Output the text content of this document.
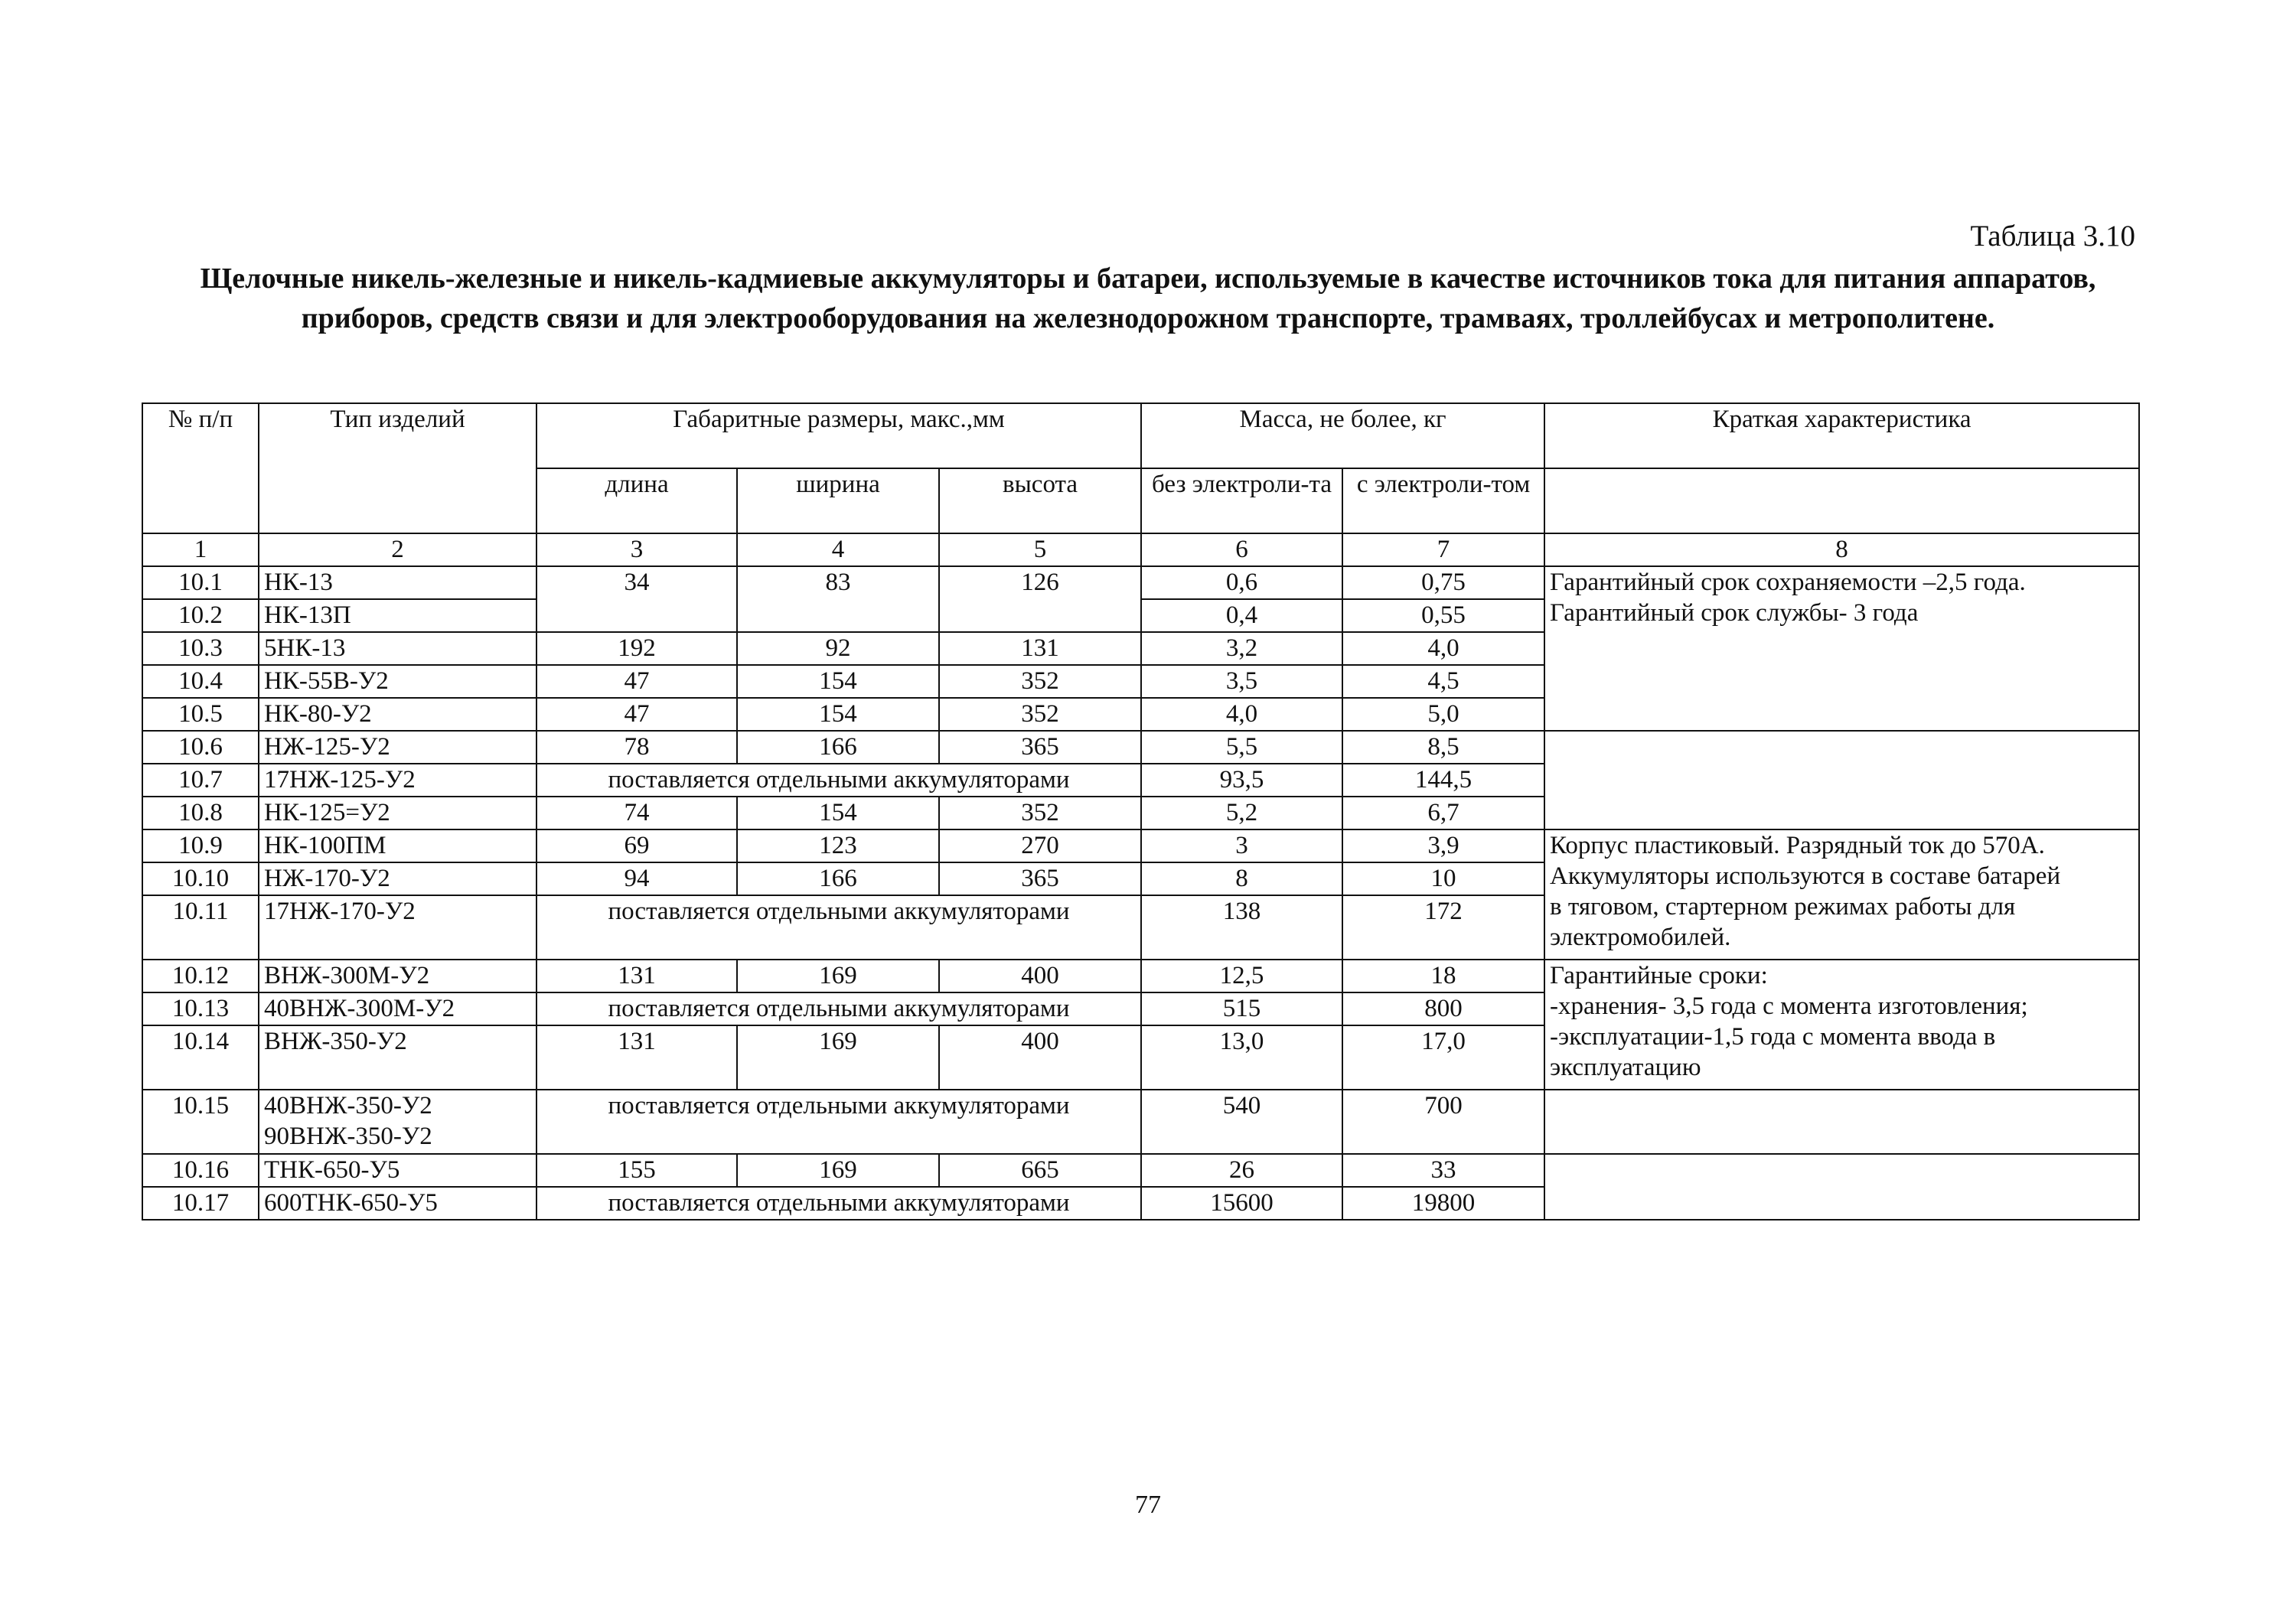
Таблица 3.10
Щелочные никель-железные и никель-кадмиевые аккумуляторы и батареи, используемые в качестве источников тока для питания аппаратов, приборов, средств связи и для электрооборудования на железнодорожном транспорте, трамваях, троллейбусах и метрополитене.
№ п/п	Тип изделий	Габаритные размеры, макс.,мм			Масса, не более, кг		Краткая характеристика
		длина	ширина	высота	без электроли-та	с электроли-том	
1	2	3	4	5	6	7	8
10.1	НК-13	34	83	126	0,6	0,75	Гарантийный срок сохраняемости –2,5 года.
Гарантийный срок службы- 3 года

10.2	НК-13П				0,4	0,55	
10.3	5НК-13	192	92	131	3,2	4,0	
10.4	НК-55В-У2	47	154	352	3,5	4,5	
10.5	НК-80-У2	47	154	352	4,0	5,0	
10.6	НЖ-125-У2	78	166	365	5,5	8,5	
10.7	17НЖ-125-У2	поставляется отдельными аккумуляторами			93,5	144,5	
10.8	НК-125=У2	74	154	352	5,2	6,7	
10.9	НК-100ПМ	69	123	270	3	3,9	Корпус пластиковый. Разрядный ток до 570А.
Аккумуляторы используются в составе батарей
в тяговом, стартерном режимах работы для
электромобилей.

10.10	НЖ-170-У2	94	166	365	8	10	
10.11	17НЖ-170-У2	поставляется отдельными аккумуляторами			138	172	
10.12	ВНЖ-300М-У2	131	169	400	12,5	18	Гарантийные сроки:
-хранения- 3,5 года с момента изготовления;
-эксплуатации-1,5 года с момента ввода в
эксплуатацию

10.13	40ВНЖ-300М-У2	поставляется отдельными аккумуляторами			515	800	
10.14	ВНЖ-350-У2	131	169	400	13,0	17,0	
10.15	40ВНЖ-350-У2
90ВНЖ-350-У2	поставляется отдельными аккумуляторами			540	700	
10.16	ТНК-650-У5	155	169	665	26	33	
10.17	600ТНК-650-У5	поставляется отдельными аккумуляторами			15600	19800	
77
